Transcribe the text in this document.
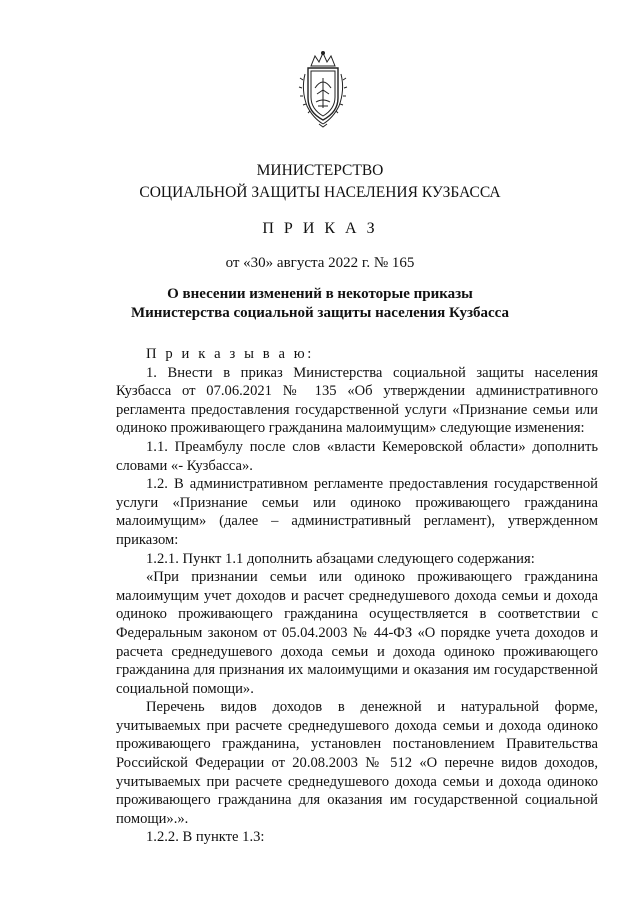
МИНИСТЕРСТВО
СОЦИАЛЬНОЙ ЗАЩИТЫ НАСЕЛЕНИЯ КУЗБАССА
П Р И К А З
от «30» августа 2022 г. № 165
О внесении изменений в некоторые приказы
Министерства социальной защиты населения Кузбасса

П р и к а з ы в а ю:

1. Внести в приказ Министерства социальной защиты населения Кузбасса от 07.06.2021 № 135 «Об утверждении административного регламента предоставления государственной услуги «Признание семьи или одиноко проживающего гражданина малоимущим» следующие изменения:

1.1. Преамбулу после слов «власти Кемеровской области» дополнить словами «- Кузбасса».

1.2. В административном регламенте предоставления государственной услуги «Признание семьи или одиноко проживающего гражданина малоимущим» (далее – административный регламент), утвержденном приказом:

1.2.1. Пункт 1.1 дополнить абзацами следующего содержания:

«При признании семьи или одиноко проживающего гражданина малоимущим учет доходов и расчет среднедушевого дохода семьи и дохода одиноко проживающего гражданина осуществляется в соответствии с Федеральным законом от 05.04.2003 № 44-ФЗ «О порядке учета доходов и расчета среднедушевого дохода семьи и дохода одиноко проживающего гражданина для признания их малоимущими и оказания им государственной социальной помощи».

Перечень видов доходов в денежной и натуральной форме, учитываемых при расчете среднедушевого дохода семьи и дохода одиноко проживающего гражданина, установлен постановлением Правительства Российской Федерации от 20.08.2003 № 512 «О перечне видов доходов, учитываемых при расчете среднедушевого дохода семьи и дохода одиноко проживающего гражданина для оказания им государственной социальной помощи».».

1.2.2. В пункте 1.3:
